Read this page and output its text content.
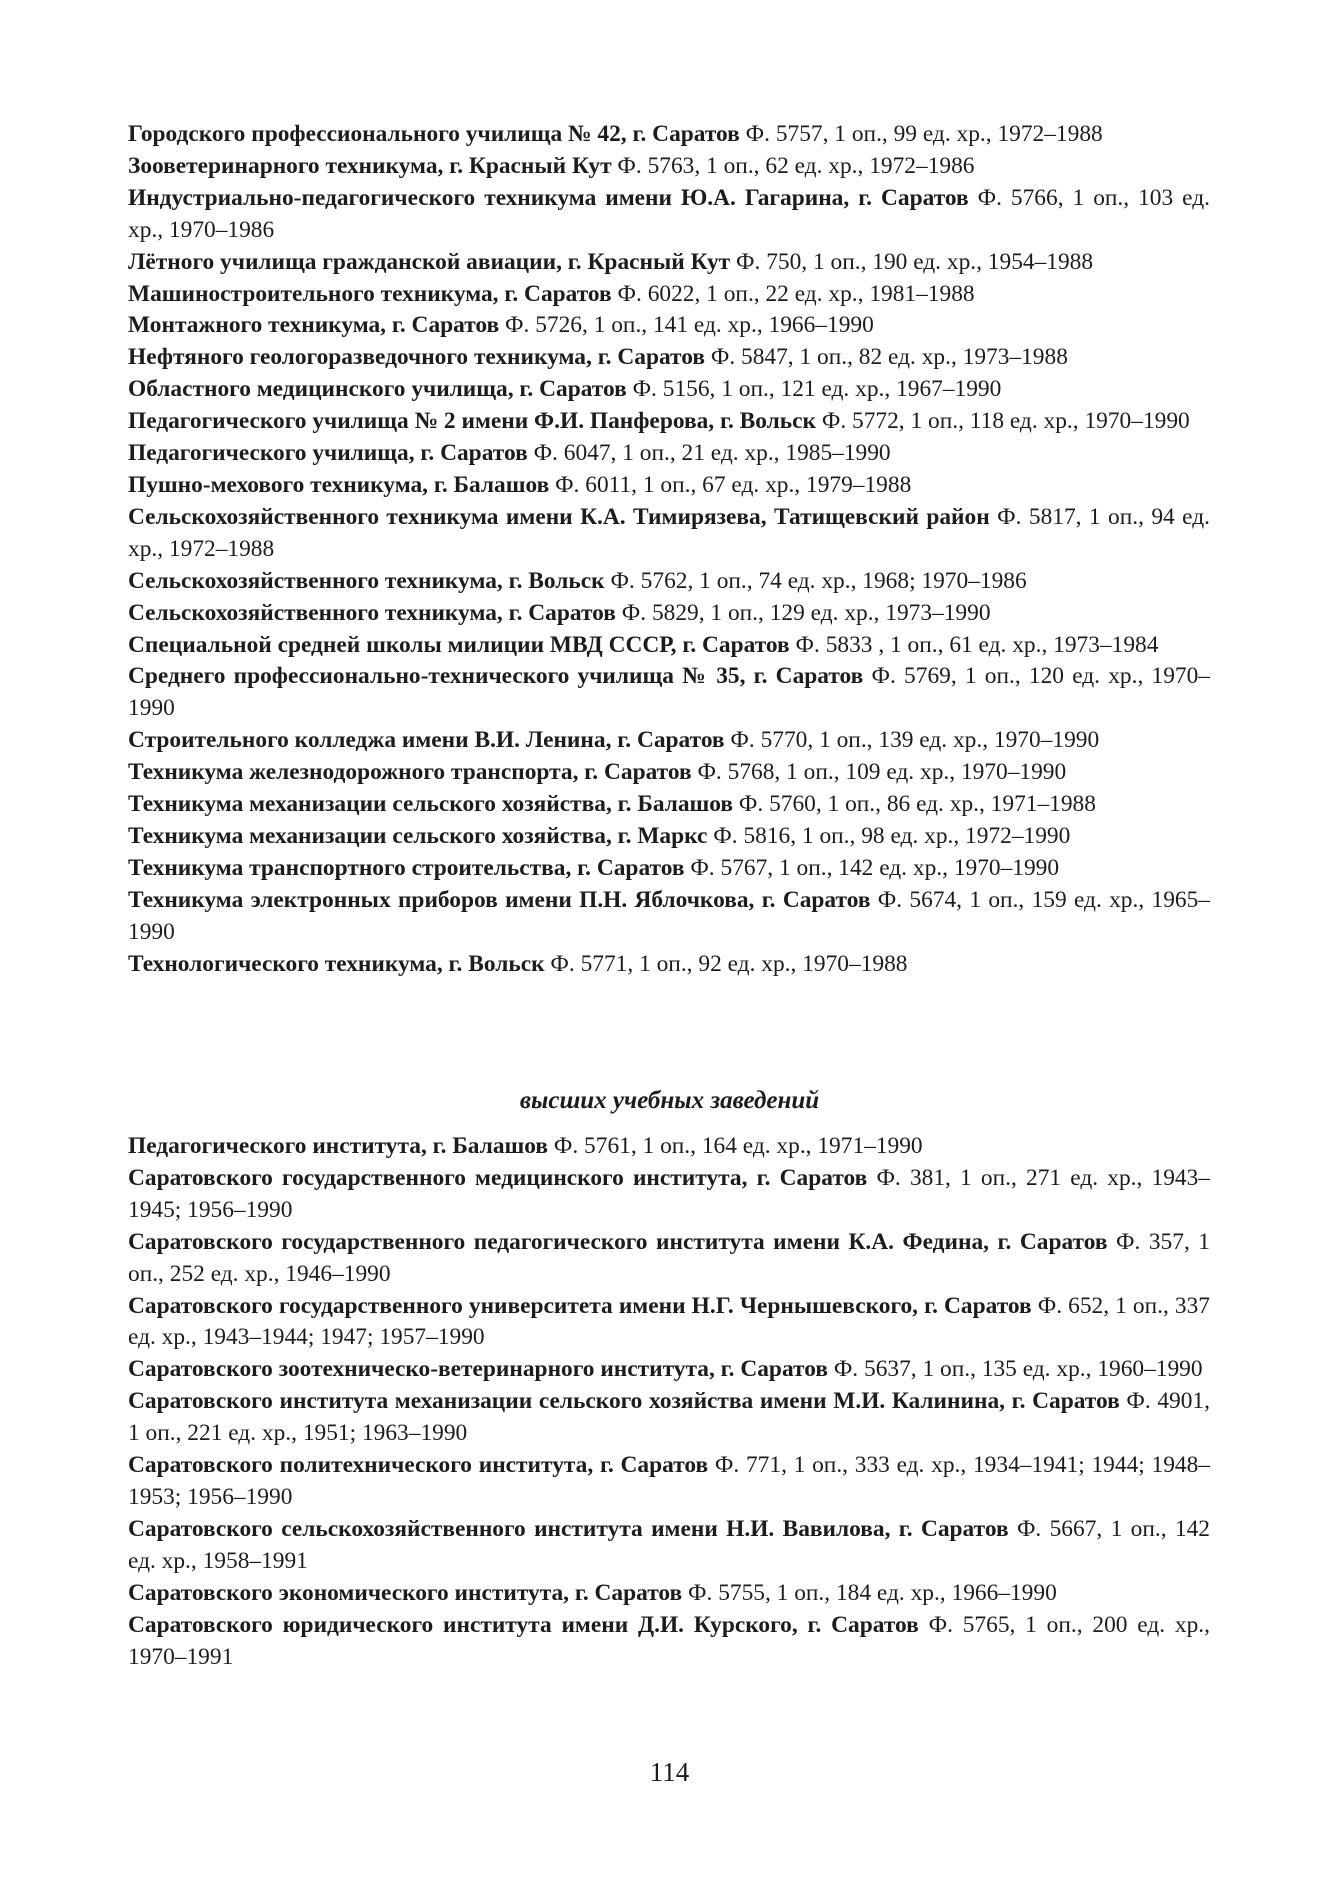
Городского профессионального училища № 42, г. Саратов Ф. 5757, 1 оп., 99 ед. хр., 1972–1988

Зооветеринарного техникума, г. Красный Кут Ф. 5763, 1 оп., 62 ед. хр., 1972–1986

Индустриально-педагогического техникума имени Ю.А. Гагарина, г. Саратов Ф. 5766, 1 оп., 103 ед. хр., 1970–1986

Лётного училища гражданской авиации, г. Красный Кут Ф. 750, 1 оп., 190 ед. хр., 1954–1988

Машиностроительного техникума, г. Саратов Ф. 6022, 1 оп., 22 ед. хр., 1981–1988

Монтажного техникума, г. Саратов Ф. 5726, 1 оп., 141 ед. хр., 1966–1990

Нефтяного геологоразведочного техникума, г. Саратов Ф. 5847, 1 оп., 82 ед. хр., 1973–1988

Областного медицинского училища, г. Саратов Ф. 5156, 1 оп., 121 ед. хр., 1967–1990

Педагогического училища № 2 имени Ф.И. Панферова, г. Вольск Ф. 5772, 1 оп., 118 ед. хр., 1970–1990

Педагогического училища, г. Саратов Ф. 6047, 1 оп., 21 ед. хр., 1985–1990

Пушно-мехового техникума, г. Балашов Ф. 6011, 1 оп., 67 ед. хр., 1979–1988

Сельскохозяйственного техникума имени К.А. Тимирязева, Татищевский район Ф. 5817, 1 оп., 94 ед. хр., 1972–1988

Сельскохозяйственного техникума, г. Вольск Ф. 5762, 1 оп., 74 ед. хр., 1968; 1970–1986

Сельскохозяйственного техникума, г. Саратов Ф. 5829, 1 оп., 129 ед. хр., 1973–1990

Специальной средней школы милиции МВД СССР, г. Саратов Ф. 5833 , 1 оп., 61 ед. хр., 1973–1984

Среднего профессионально-технического училища № 35, г. Саратов Ф. 5769, 1 оп., 120 ед. хр., 1970–1990

Строительного колледжа имени В.И. Ленина, г. Саратов Ф. 5770, 1 оп., 139 ед. хр., 1970–1990

Техникума железнодорожного транспорта, г. Саратов Ф. 5768, 1 оп., 109 ед. хр., 1970–1990

Техникума механизации сельского хозяйства, г. Балашов Ф. 5760, 1 оп., 86 ед. хр., 1971–1988

Техникума механизации сельского хозяйства, г. Маркс Ф. 5816, 1 оп., 98 ед. хр., 1972–1990

Техникума транспортного строительства, г. Саратов Ф. 5767, 1 оп., 142 ед. хр., 1970–1990

Техникума электронных приборов имени П.Н. Яблочкова, г. Саратов Ф. 5674, 1 оп., 159 ед. хр., 1965–1990

Технологического техникума, г. Вольск Ф. 5771, 1 оп., 92 ед. хр., 1970–1988

высших учебных заведений

Педагогического института, г. Балашов Ф. 5761, 1 оп., 164 ед. хр., 1971–1990

Саратовского государственного медицинского института, г. Саратов Ф. 381, 1 оп., 271 ед. хр., 1943–1945; 1956–1990

Саратовского государственного педагогического института имени К.А. Федина, г. Саратов Ф. 357, 1 оп., 252 ед. хр., 1946–1990

Саратовского государственного университета имени Н.Г. Чернышевского, г. Саратов Ф. 652, 1 оп., 337 ед. хр., 1943–1944; 1947; 1957–1990

Саратовского зоотехническо-ветеринарного института, г. Саратов Ф. 5637, 1 оп., 135 ед. хр., 1960–1990

Саратовского института механизации сельского хозяйства имени М.И. Калинина, г. Саратов Ф. 4901, 1 оп., 221 ед. хр., 1951; 1963–1990

Саратовского политехнического института, г. Саратов Ф. 771, 1 оп., 333 ед. хр., 1934–1941; 1944; 1948–1953; 1956–1990

Саратовского сельскохозяйственного института имени Н.И. Вавилова, г. Саратов Ф. 5667, 1 оп., 142 ед. хр., 1958–1991

Саратовского экономического института, г. Саратов Ф. 5755, 1 оп., 184 ед. хр., 1966–1990

Саратовского юридического института имени Д.И. Курского, г. Саратов Ф. 5765, 1 оп., 200 ед. хр., 1970–1991

114
